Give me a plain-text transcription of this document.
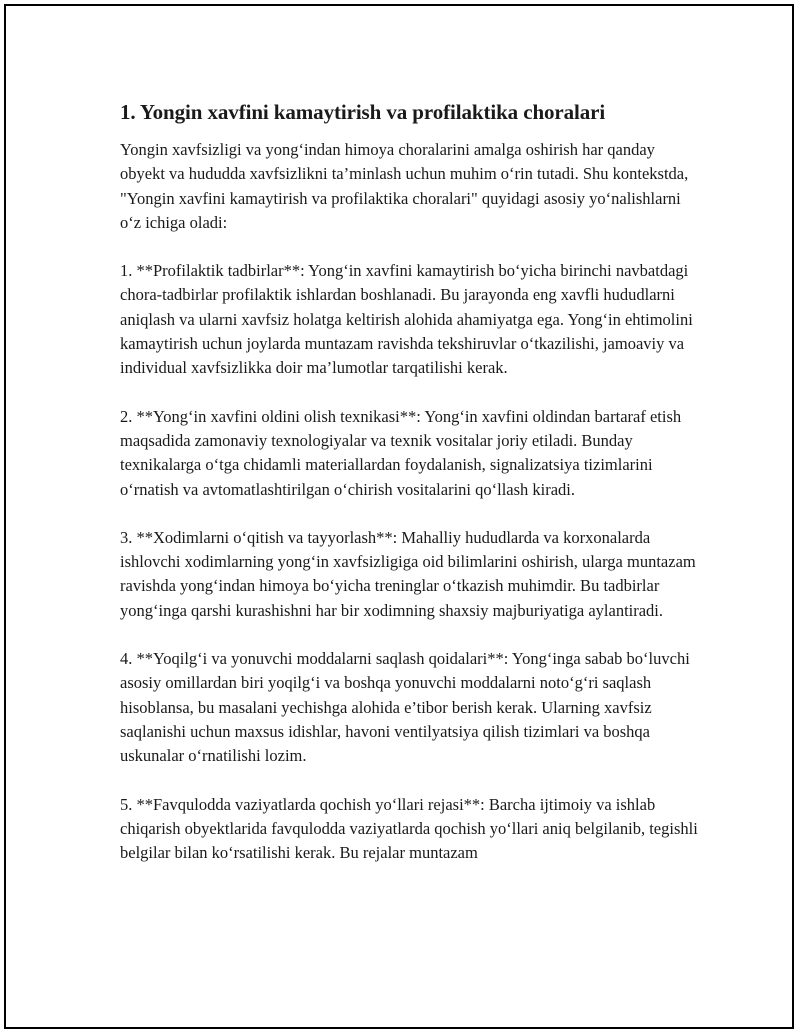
1. Yongin xavfini kamaytirish va profilaktika choralari

Yongin xavfsizligi va yong‘indan himoya choralarini amalga oshirish har qanday obyekt va hududda xavfsizlikni ta’minlash uchun muhim o‘rin tutadi. Shu kontekstda, "Yongin xavfini kamaytirish va profilaktika choralari" quyidagi asosiy yo‘nalishlarni o‘z ichiga oladi:

1. **Profilaktik tadbirlar**: Yong‘in xavfini kamaytirish bo‘yicha birinchi navbatdagi chora-tadbirlar profilaktik ishlardan boshlanadi. Bu jarayonda eng xavfli hududlarni aniqlash va ularni xavfsiz holatga keltirish alohida ahamiyatga ega. Yong‘in ehtimolini kamaytirish uchun joylarda muntazam ravishda tekshiruvlar o‘tkazilishi, jamoaviy va individual xavfsizlikka doir ma’lumotlar tarqatilishi kerak.

2. **Yong‘in xavfini oldini olish texnikasi**: Yong‘in xavfini oldindan bartaraf etish maqsadida zamonaviy texnologiyalar va texnik vositalar joriy etiladi. Bunday texnikalarga o‘tga chidamli materiallardan foydalanish, signalizatsiya tizimlarini o‘rnatish va avtomatlashtirilgan o‘chirish vositalarini qo‘llash kiradi.

3. **Xodimlarni o‘qitish va tayyorlash**: Mahalliy hududlarda va korxonalarda ishlovchi xodimlarning yong‘in xavfsizligiga oid bilimlarini oshirish, ularga muntazam ravishda yong‘indan himoya bo‘yicha treninglar o‘tkazish muhimdir. Bu tadbirlar yong‘inga qarshi kurashishni har bir xodimning shaxsiy majburiyatiga aylantiradi.

4. **Yoqilg‘i va yonuvchi moddalarni saqlash qoidalari**: Yong‘inga sabab bo‘luvchi asosiy omillardan biri yoqilg‘i va boshqa yonuvchi moddalarni noto‘g‘ri saqlash hisoblansa, bu masalani yechishga alohida e’tibor berish kerak. Ularning xavfsiz saqlanishi uchun maxsus idishlar, havoni ventilyatsiya qilish tizimlari va boshqa uskunalar o‘rnatilishi lozim.

5. **Favqulodda vaziyatlarda qochish yo‘llari rejasi**: Barcha ijtimoiy va ishlab chiqarish obyektlarida favqulodda vaziyatlarda qochish yo‘llari aniq belgilanib, tegishli belgilar bilan ko‘rsatilishi kerak. Bu rejalar muntazam
